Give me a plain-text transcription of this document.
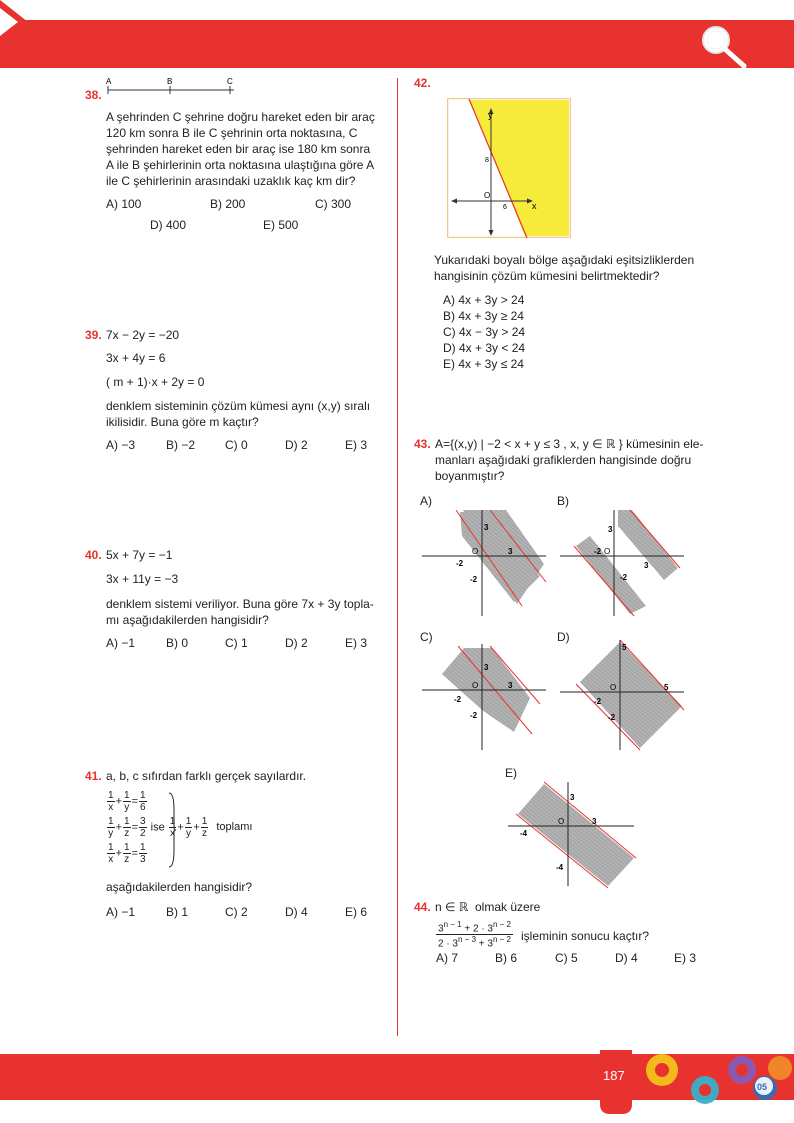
38.
A	B	C
A şehrinden C şehrine doğru hareket eden bir araç
120 km sonra B ile C şehrinin orta noktasına, C
şehrinden hareket eden bir araç ise 180 km sonra
A ile B şehirlerinin orta noktasına ulaştığına göre A
ile C şehirlerinin arasındaki uzaklık kaç km dir?
A) 100	B) 200	C) 300
D) 400	E) 500
39. 7x − 2y = −20
3x + 4y = 6
( m + 1)·x + 2y = 0
denklem sisteminin çözüm kümesi aynı (x,y) sıralı
ikilisidir. Buna göre m kaçtır?
A) −3	B) −2 C) 0	D) 2	E) 3
40. 5x + 7y = −1
3x + 11y = −3
denklem sistemi veriliyor. Buna göre 7x + 3y topla-
mı aşağıdakilerden hangisidir?
A) −1	B) 0	C) 1	D) 2	E) 3
41. a, b, c sıfırdan farklı gerçek sayılardır.
$\frac{1}{x} + \frac{1}{y} = \frac{1}{6}$
$\frac{1}{y} + \frac{1}{z} = \frac{3}{2}$ ise $\frac{1}{x} + \frac{1}{y} + \frac{1}{z}$ toplamı
$\frac{1}{x} + \frac{1}{z} = \frac{1}{3}$
aşağıdakilerden hangisidir?
A) −1	B) 1	C) 2	D) 4	E) 6
42.
y
x
O
8
6
Yukarıdaki boyalı bölge aşağıdaki eşitsizliklerden
hangisinin çözüm kümesini belirtmektedir?
A) 4x + 3y > 24
B) 4x + 3y ≥ 24
C) 4x − 3y > 24
D) 4x + 3y < 24
E) 4x + 3y ≤ 24
43. A={(x,y) | −2 < x + y ≤ 3 , x, y ∈ ℝ } kümesinin ele-
manları aşağıdaki grafiklerden hangisinde doğru
boyanmıştır?
A)
3
3
-2
-2
O
B)
3
3
-2
-2
O
C)
3
3
-2
-2
O
D)
5
5
-2
-2
O
E)
3
3
-4
-4
O
44. n ∈ ℝ olmak üzere
$3^{n - 1} + 2 \cdot 3^{n - 2}$
$2 \cdot 3^{n - 3} + 3^{n - 2}$ işleminin sonucu kaçtır?
A) 7	B) 6	C) 5	D) 4	E) 3
05
187
